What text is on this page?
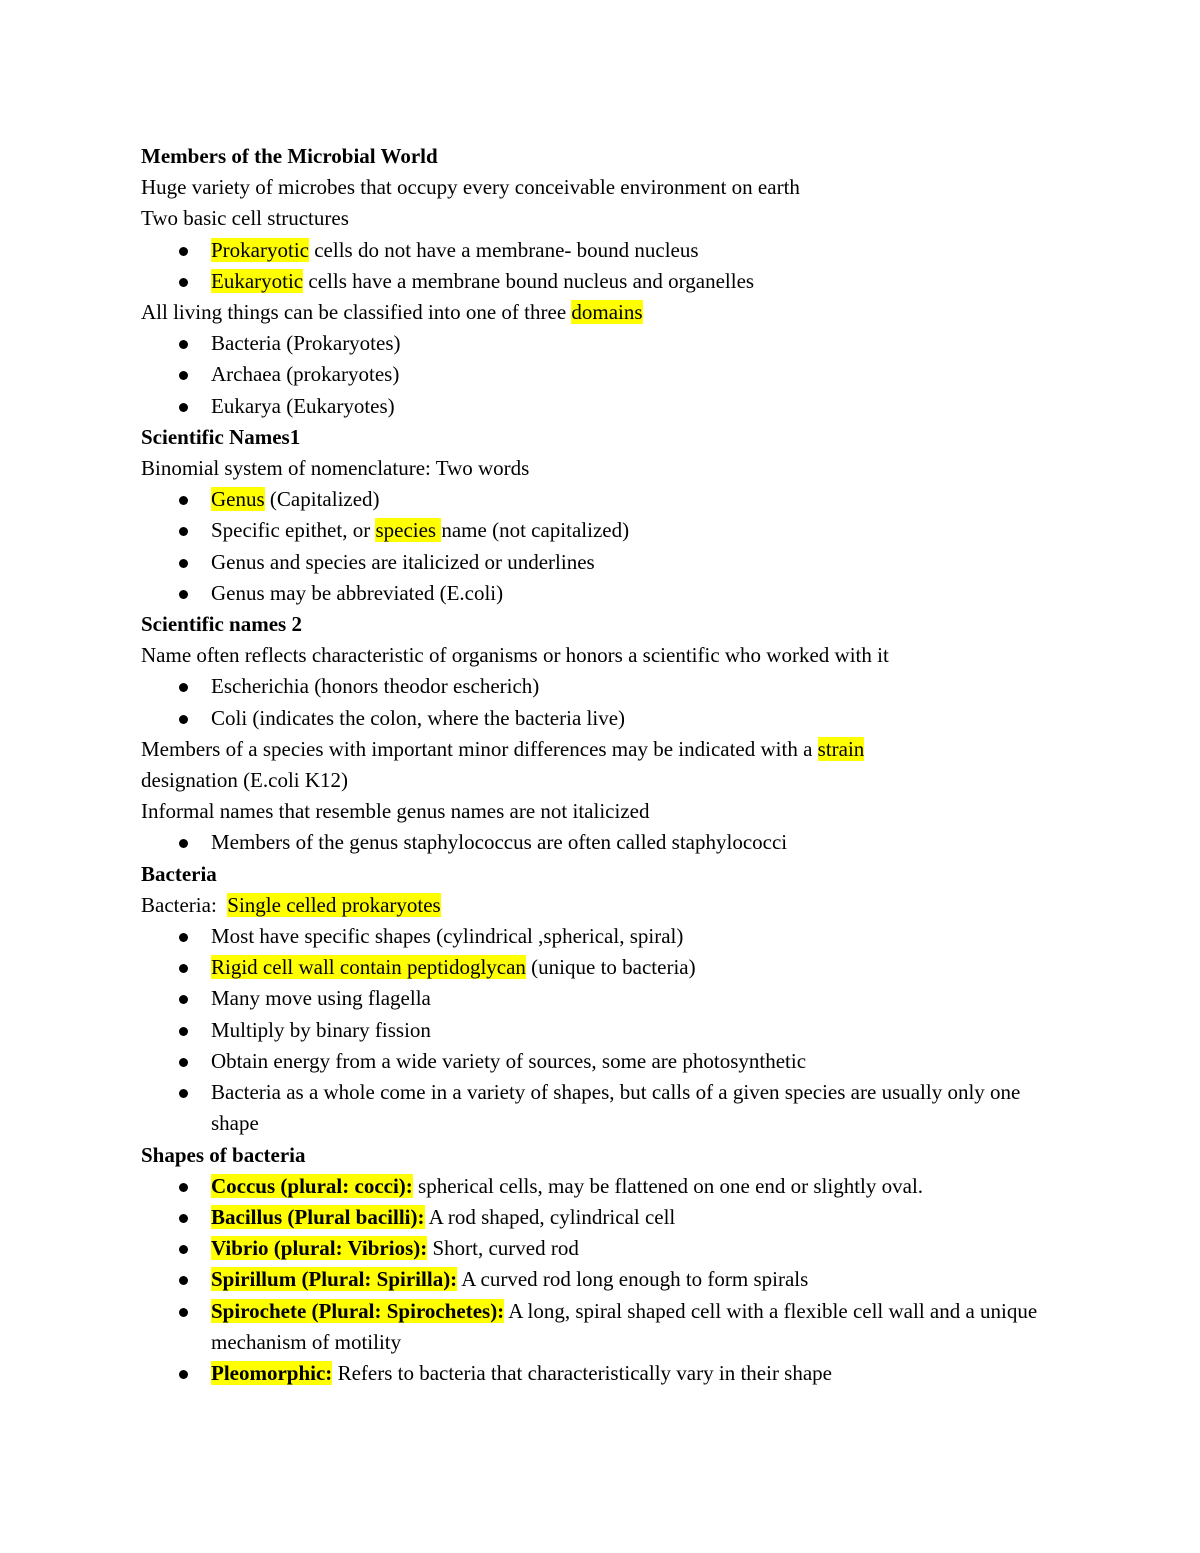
Members of the Microbial World
Huge variety of microbes that occupy every conceivable environment on earth
Two basic cell structures
Prokaryotic cells do not have a membrane- bound nucleus
Eukaryotic cells have a membrane bound nucleus and organelles
All living things can be classified into one of three domains
Bacteria (Prokaryotes)
Archaea (prokaryotes)
Eukarya (Eukaryotes)
Scientific Names1
Binomial system of nomenclature: Two words
Genus (Capitalized)
Specific epithet, or species name (not capitalized)
Genus and species are italicized or underlines
Genus may be abbreviated (E.coli)
Scientific names 2
Name often reflects characteristic of organisms or honors a scientific who worked with it
Escherichia (honors theodor escherich)
Coli (indicates the colon, where the bacteria live)
Members of a species with important minor differences may be indicated with a strain
designation (E.coli K12)
Informal names that resemble genus names are not italicized
Members of the genus staphylococcus are often called staphylococci
Bacteria
Bacteria:  Single celled prokaryotes
Most have specific shapes (cylindrical ,spherical, spiral)
Rigid cell wall contain peptidoglycan (unique to bacteria)
Many move using flagella
Multiply by binary fission
Obtain energy from a wide variety of sources, some are photosynthetic
Bacteria as a whole come in a variety of shapes, but calls of a given species are usually only one shape
Shapes of bacteria
Coccus (plural: cocci): spherical cells, may be flattened on one end or slightly oval.
Bacillus (Plural bacilli): A rod shaped, cylindrical cell
Vibrio (plural: Vibrios): Short, curved rod
Spirillum (Plural: Spirilla): A curved rod long enough to form spirals
Spirochete (Plural: Spirochetes): A long, spiral shaped cell with a flexible cell wall and a unique mechanism of motility
Pleomorphic: Refers to bacteria that characteristically vary in their shape
